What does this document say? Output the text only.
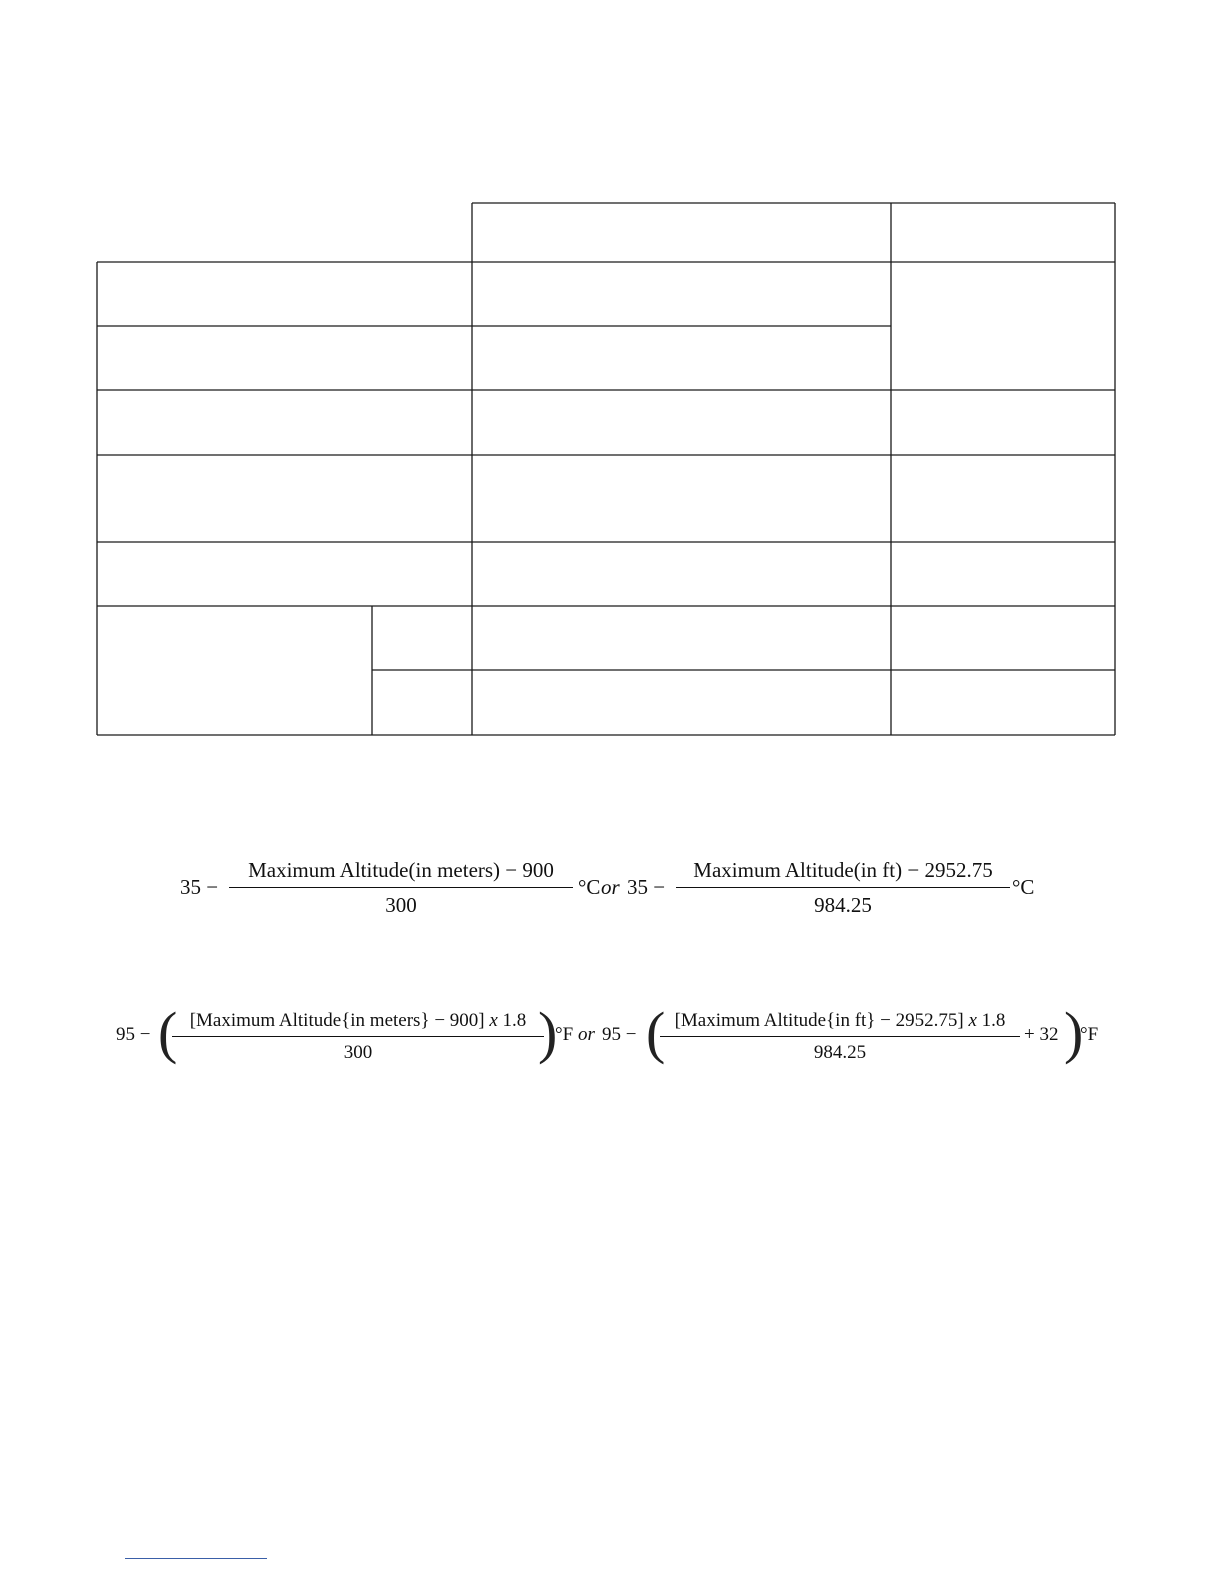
35 −
Maximum Altitude(in meters) − 900
300
°C or 35 −
Maximum Altitude(in ft) − 2952.75
984.25
°C
95 − ( [Maximum Altitude{in meters} − 900] x 1.8
300	)
°F or 95 − ( [Maximum Altitude{in ft} − 2952.75] x 1.8
984.25
+ 32 )
°F
